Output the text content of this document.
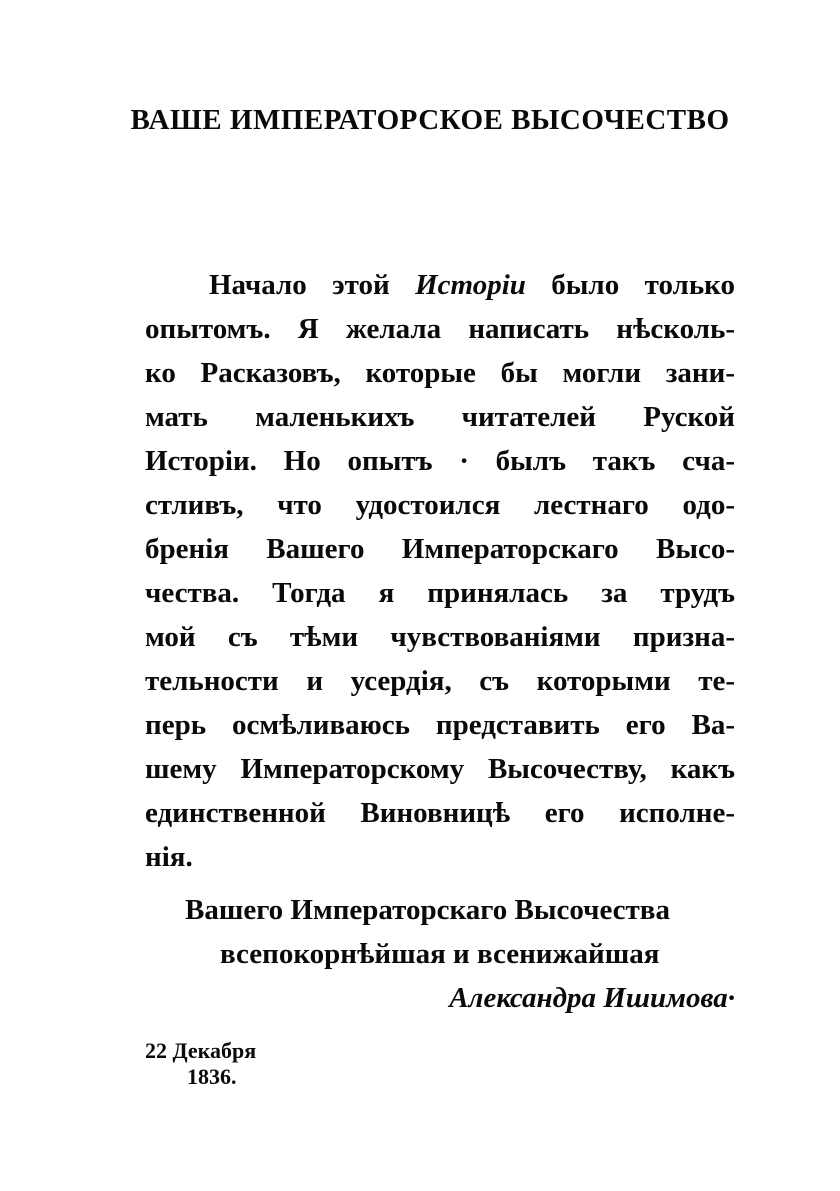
ВАШЕ ИМПЕРАТОРСКОЕ ВЫСОЧЕСТВО
Начало этой Исторіи было только
опытомъ. Я желала написать нѣсколь-
ко Расказовъ, которые бы могли зани-
мать маленькихъ читателей Руской
Исторіи. Но опытъ · былъ такъ сча-
стливъ, что удостоился лестнаго одо-
бренія Вашего Императорскаго Высо-
чества. Тогда я принялась за трудъ
мой съ тѣми чувствованіями призна-
тельности и усердія, съ которыми те-
перь осмѣливаюсь представить его Ва-
шему Императорскому Высочеству, какъ
единственной Виновницѣ его исполне-
нія.
Вашего Императорскаго Высочества
всепокорнѣйшая и всенижайшая
Александра Ишимова·
22 Декабря
1836.
